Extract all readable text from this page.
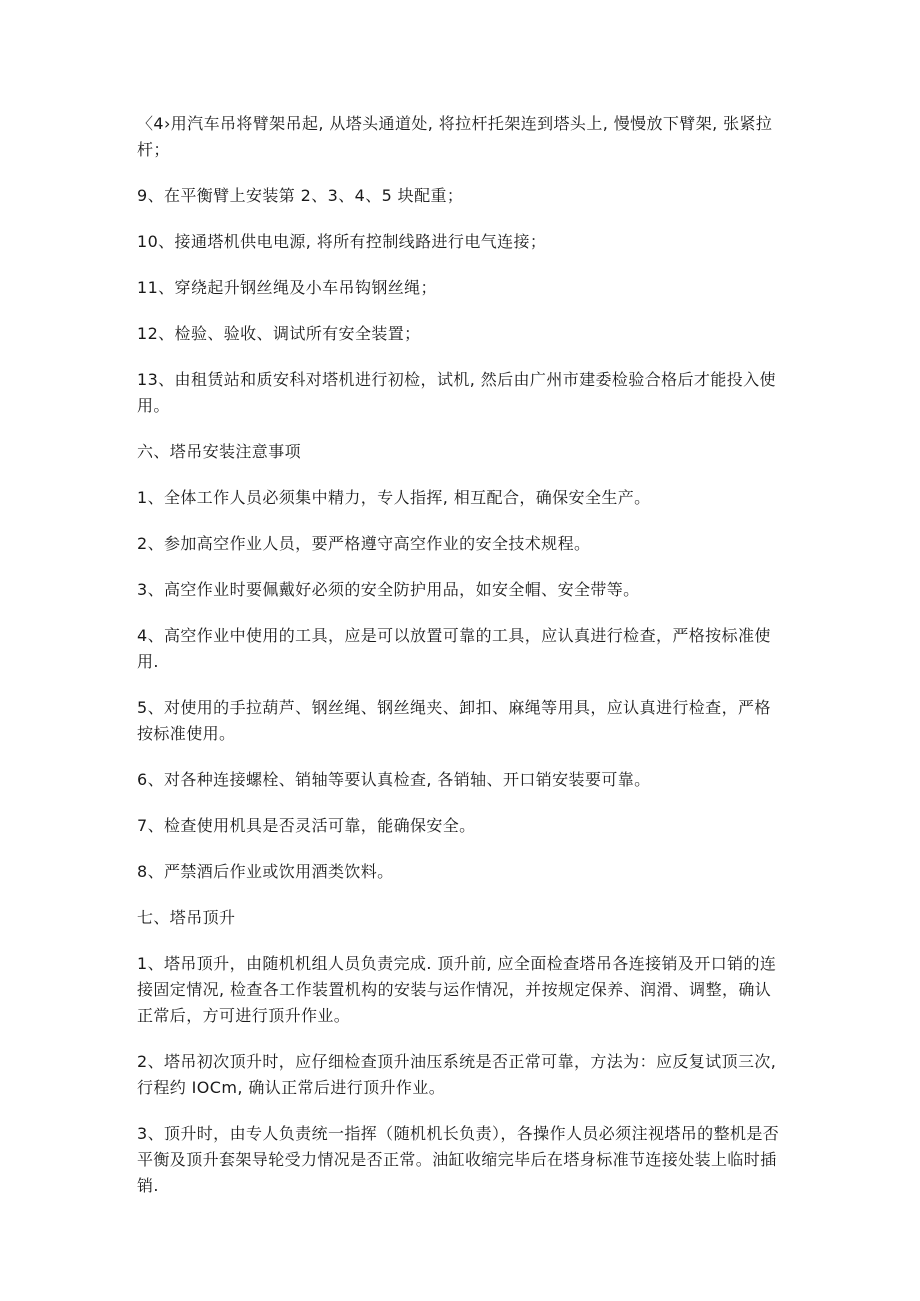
〈4›用汽车吊将臂架吊起, 从塔头通道处, 将拉杆托架连到塔头上, 慢慢放下臂架, 张紧拉杆；

9、在平衡臂上安装第 2、3、4、5 块配重；

10、接通塔机供电电源, 将所有控制线路进行电气连接；

11、穿绕起升钢丝绳及小车吊钩钢丝绳；

12、检验、验收、调试所有安全装置；

13、由租赁站和质安科对塔机进行初检，试机, 然后由广州市建委检验合格后才能投入使用。

六、塔吊安装注意事项

1、全体工作人员必须集中精力，专人指挥, 相互配合，确保安全生产。

2、参加高空作业人员，要严格遵守高空作业的安全技术规程。

3、高空作业时要佩戴好必须的安全防护用品，如安全帽、安全带等。

4、高空作业中使用的工具，应是可以放置可靠的工具，应认真进行检查，严格按标准使用.

5、对使用的手拉葫芦、钢丝绳、钢丝绳夹、卸扣、麻绳等用具，应认真进行检查，严格按标准使用。

6、对各种连接螺栓、销轴等要认真检查, 各销轴、开口销安装要可靠。

7、检查使用机具是否灵活可靠，能确保安全。

8、严禁酒后作业或饮用酒类饮料。

七、塔吊顶升

1、塔吊顶升，由随机机组人员负责完成. 顶升前, 应全面检查塔吊各连接销及开口销的连接固定情况, 检查各工作装置机构的安装与运作情况，并按规定保养、润滑、调整，确认正常后，方可进行顶升作业。

2、塔吊初次顶升时，应仔细检查顶升油压系统是否正常可靠，方法为：应反复试顶三次, 行程约 IOCm, 确认正常后进行顶升作业。

3、顶升时，由专人负责统一指挥（随机机长负责），各操作人员必须注视塔吊的整机是否平衡及顶升套架导轮受力情况是否正常。油缸收缩完毕后在塔身标准节连接处装上临时插销.
